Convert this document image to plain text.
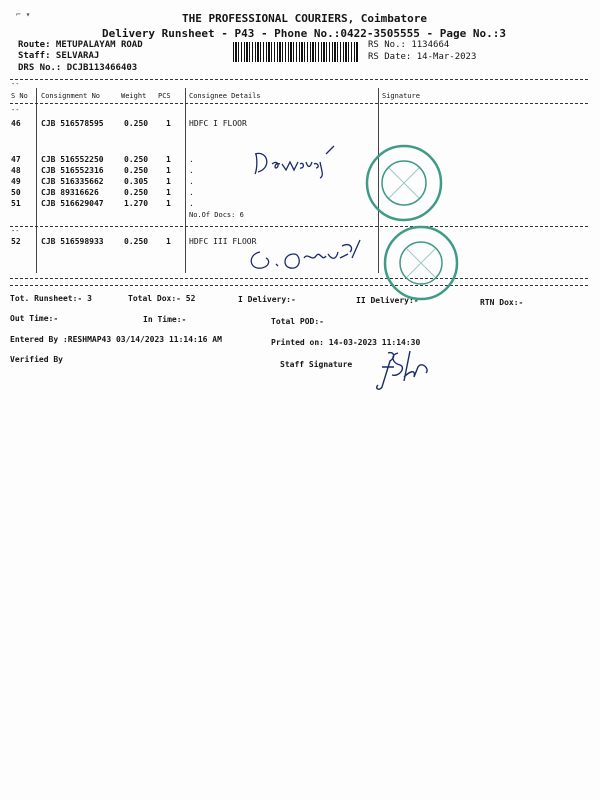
⌐ ▾	THE PROFESSIONAL COURIERS, Coimbatore
Delivery Runsheet - P43 - Phone No.:0422-3505555 - Page No.:3
Route: METUPALAYAM ROAD
Staff: SELVARAJ
DRS No.: DCJB113466403
RS No.: 1134664
RS Date: 14-Mar-2023
--
S No Consignment No	Weight PCS	Consignee Details	Signature
--
46	CJB 516578595	0.250 1 HDFC I FLOOR
47	CJB 516552250	0.250 1 .
48	CJB 516552316	0.250 1 .
49	CJB 516335662	0.305 1 .
50	CJB 89316626	0.250 1 .
51	CJB 516629047	1.270 1 .
No.Of Docs: 6
--
52	CJB 516598933	0.250 1 HDFC III FLOOR
Tot. Runsheet:- 3	Total Dox:- 52	I Delivery:-	II Delivery:-	RTN Dox:-
Out Time:-	In Time:-	Total POD:-
Entered By :RESHMAP43 03/14/2023 11:14:16 AM	Printed on: 14-03-2023 11:14:30
Verified By
Staff Signature
